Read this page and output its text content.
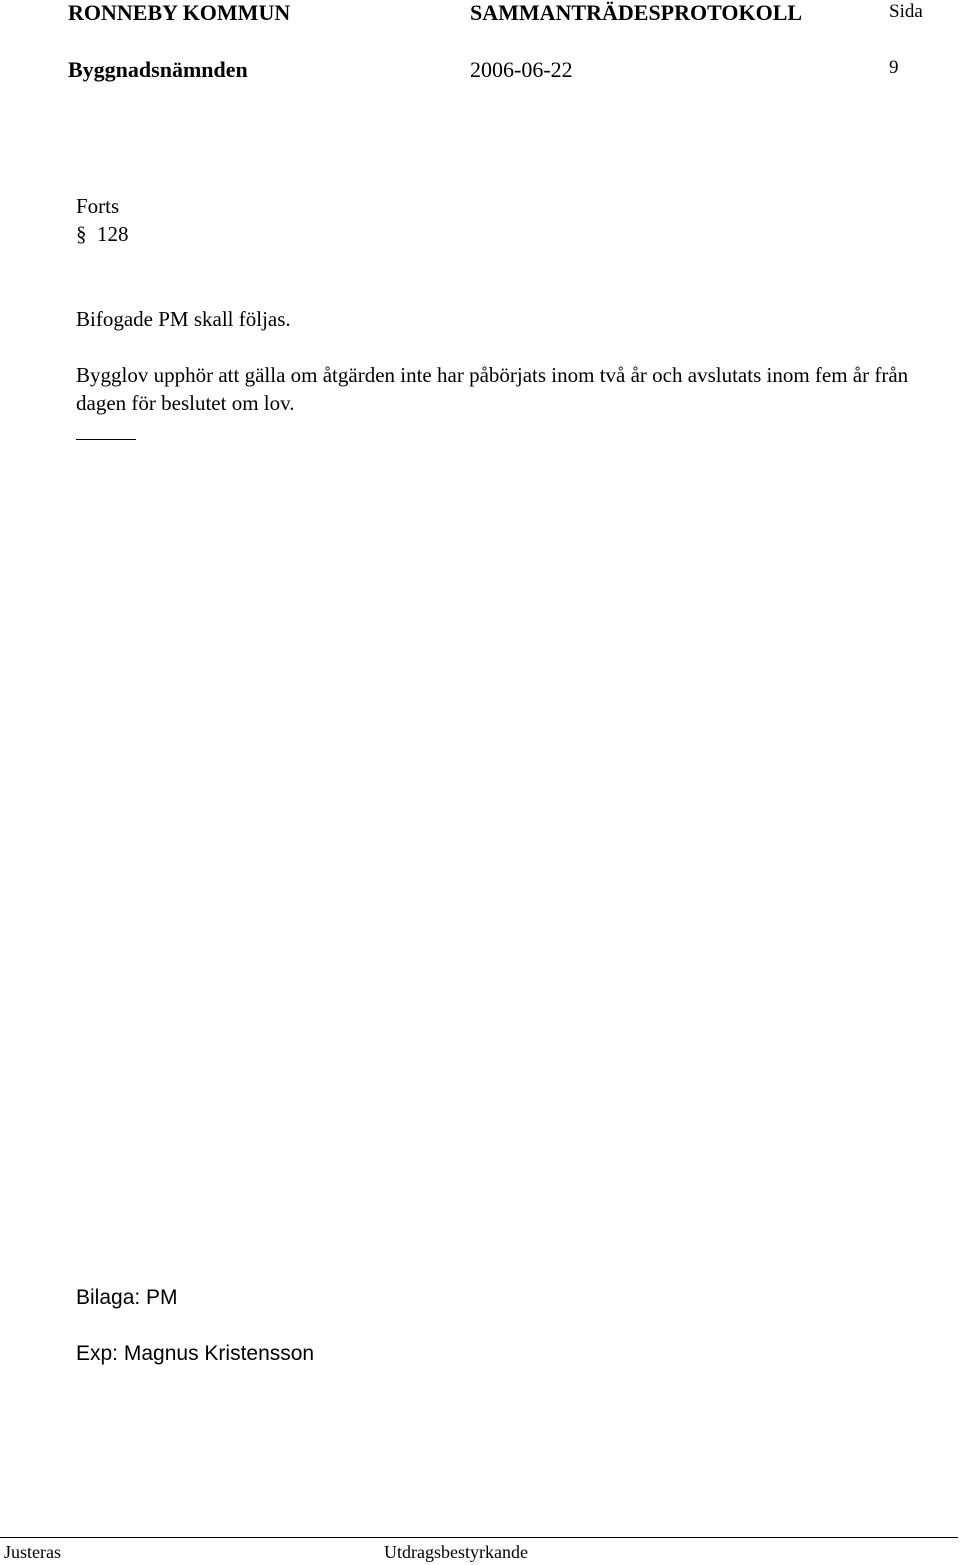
RONNEBY KOMMUN	SAMMANTRÄDESPROTOKOLL	Sida
Byggnadsnämnden	2006-06-22	9
Forts
§ 128
Bifogade PM skall följas.
Bygglov upphör att gälla om åtgärden inte har påbörjats inom två år och avslutats inom fem år från dagen för beslutet om lov.
Bilaga: PM
Exp: Magnus Kristensson
Justeras	Utdragsbestyrkande
